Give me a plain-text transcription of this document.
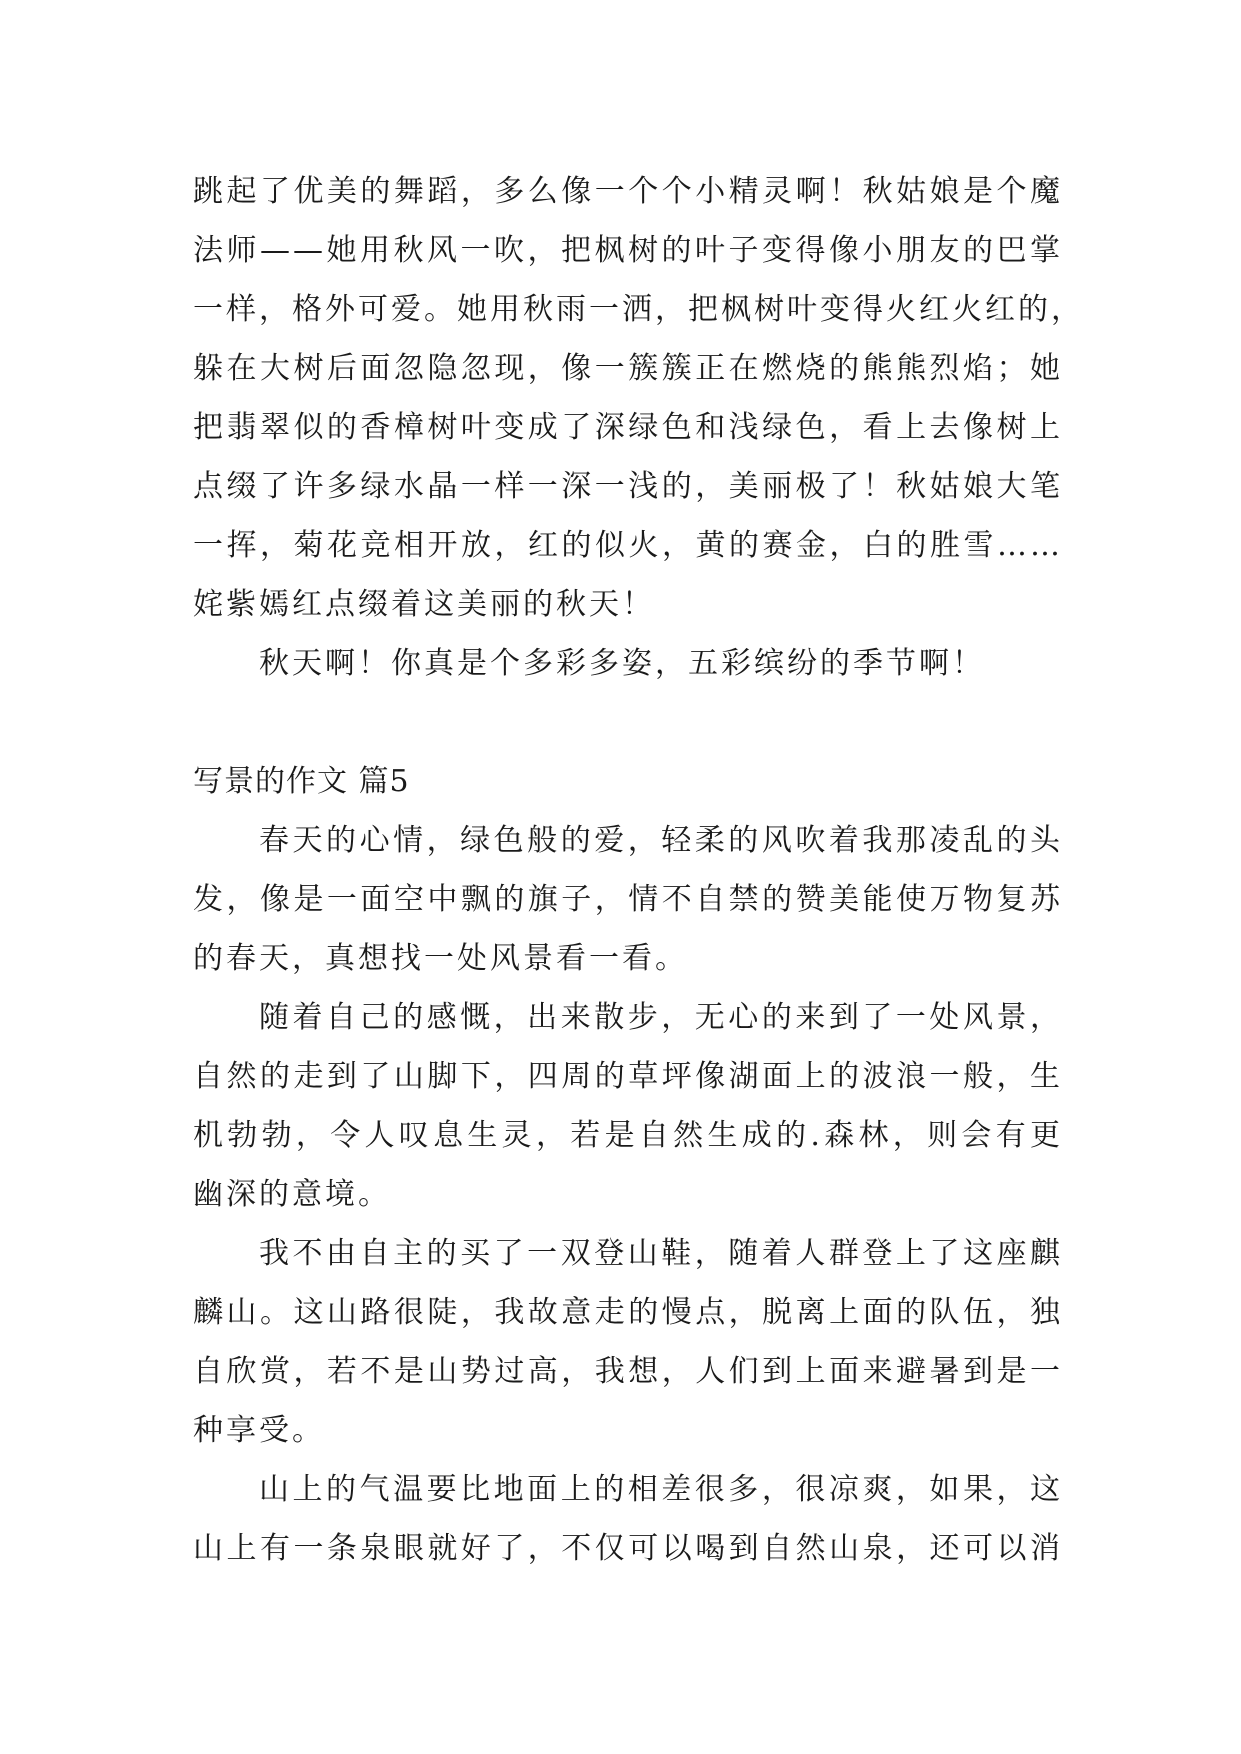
跳起了优美的舞蹈，多么像一个个小精灵啊！秋姑娘是个魔
法师——她用秋风一吹，把枫树的叶子变得像小朋友的巴掌
一样，格外可爱。她用秋雨一洒，把枫树叶变得火红火红的，
躲在大树后面忽隐忽现，像一簇簇正在燃烧的熊熊烈焰；她
把翡翠似的香樟树叶变成了深绿色和浅绿色，看上去像树上
点缀了许多绿水晶一样一深一浅的，美丽极了！秋姑娘大笔
一挥，菊花竞相开放，红的似火，黄的赛金，白的胜雪……
姹紫嫣红点缀着这美丽的秋天！
秋天啊！你真是个多彩多姿，五彩缤纷的季节啊！
写景的作文 篇5
春天的心情，绿色般的爱，轻柔的风吹着我那凌乱的头
发，像是一面空中飘的旗子，情不自禁的赞美能使万物复苏
的春天，真想找一处风景看一看。
随着自己的感慨，出来散步，无心的来到了一处风景，
自然的走到了山脚下，四周的草坪像湖面上的波浪一般，生
机勃勃，令人叹息生灵，若是自然生成的.森林，则会有更
幽深的意境。
我不由自主的买了一双登山鞋，随着人群登上了这座麒
麟山。这山路很陡，我故意走的慢点，脱离上面的队伍，独
自欣赏，若不是山势过高，我想，人们到上面来避暑到是一
种享受。
山上的气温要比地面上的相差很多，很凉爽，如果，这
山上有一条泉眼就好了，不仅可以喝到自然山泉，还可以消
